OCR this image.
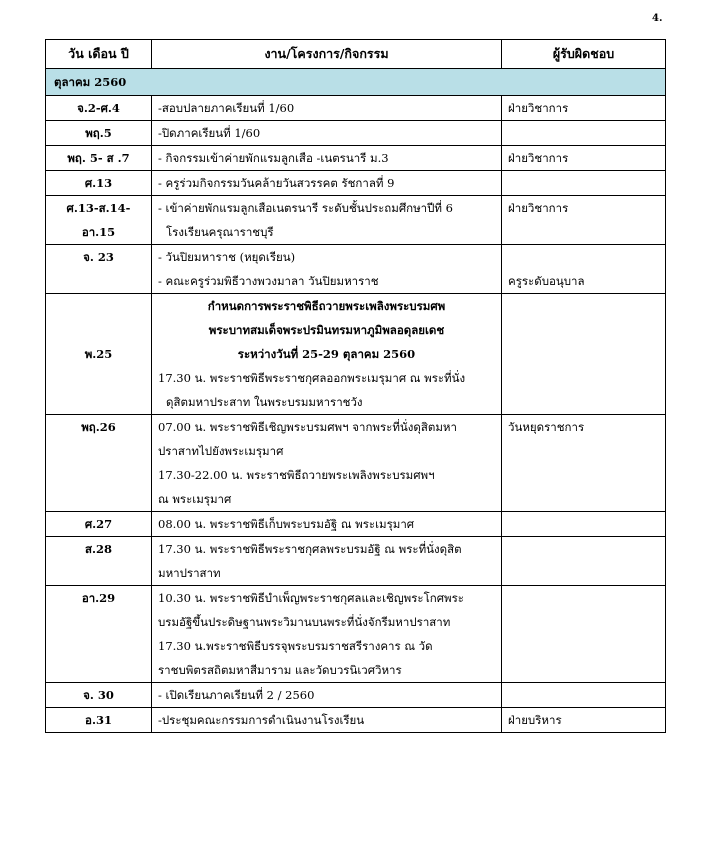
4.
วัน เดือน ปี	งาน/โครงการ/กิจกรรม	ผู้รับผิดชอบ
ตุลาคม 2560		
จ.2-ศ.4	-สอบปลายภาคเรียนที่ 1/60	ฝ่ายวิชาการ
พฤ.5	-ปิดภาคเรียนที่ 1/60	

พฤ. 5- ส .7	- กิจกรรมเข้าค่ายพักแรมลูกเสือ -เนตรนารี ม.3	ฝ่ายวิชาการ
ศ.13	- ครูร่วมกิจกรรมวันคล้ายวันสวรรคต รัชกาลที่ 9	

ศ.13-ส.14-อา.15	- เข้าค่ายพักแรมลูกเสือเนตรนารี ระดับชั้นประถมศึกษาปีที่ 6
โรงเรียนครุณาราชบุรี	ฝ่ายวิชาการ
จ. 23	- วันปิยมหาราช (หยุดเรียน)
- คณะครูร่วมพิธีวางพวงมาลา วันปิยมหาราช	ครูระดับอนุบาล

พ.25	กำหนดการพระราชพิธีถวายพระเพลิงพระบรมศพ
พระบาทสมเด็จพระปรมินทรมหาภูมิพลอดุลยเดช
ระหว่างวันที่ 25-29 ตุลาคม 2560
17.30 น. พระราชพิธีพระราชกุศลออกพระเมรุมาศ ณ พระที่นั่ง
ดุสิตมหาประสาท ในพระบรมมหาราชวัง	

พฤ.26	07.00 น. พระราชพิธีเชิญพระบรมศพฯ จากพระที่นั่งดุสิตมหา
ปราสาทไปยังพระเมรุมาศ
17.30-22.00 น. พระราชพิธีถวายพระเพลิงพระบรมศพฯ
ณ พระเมรุมาศ	วันหยุดราชการ
ศ.27	08.00 น. พระราชพิธีเก็บพระบรมอัฐิ ณ พระเมรุมาศ	

ส.28	17.30 น. พระราชพิธีพระราชกุศลพระบรมอัฐิ ณ พระที่นั่งดุสิต
มหาปราสาท	

อา.29	10.30 น. พระราชพิธีบำเพ็ญพระราชกุศลและเชิญพระโกศพระ
บรมอัฐิขึ้นประดิษฐานพระวิมานบนพระที่นั่งจักรีมหาปราสาท
17.30 น.พระราชพิธีบรรจุพระบรมราชสรีรางคาร ณ วัด
ราชบพิตรสถิตมหาสีมาราม และวัดบวรนิเวศวิหาร	

จ. 30	- เปิดเรียนภาคเรียนที่ 2 / 2560	

อ.31	-ประชุมคณะกรรมการดำเนินงานโรงเรียน	ฝ่ายบริหาร
